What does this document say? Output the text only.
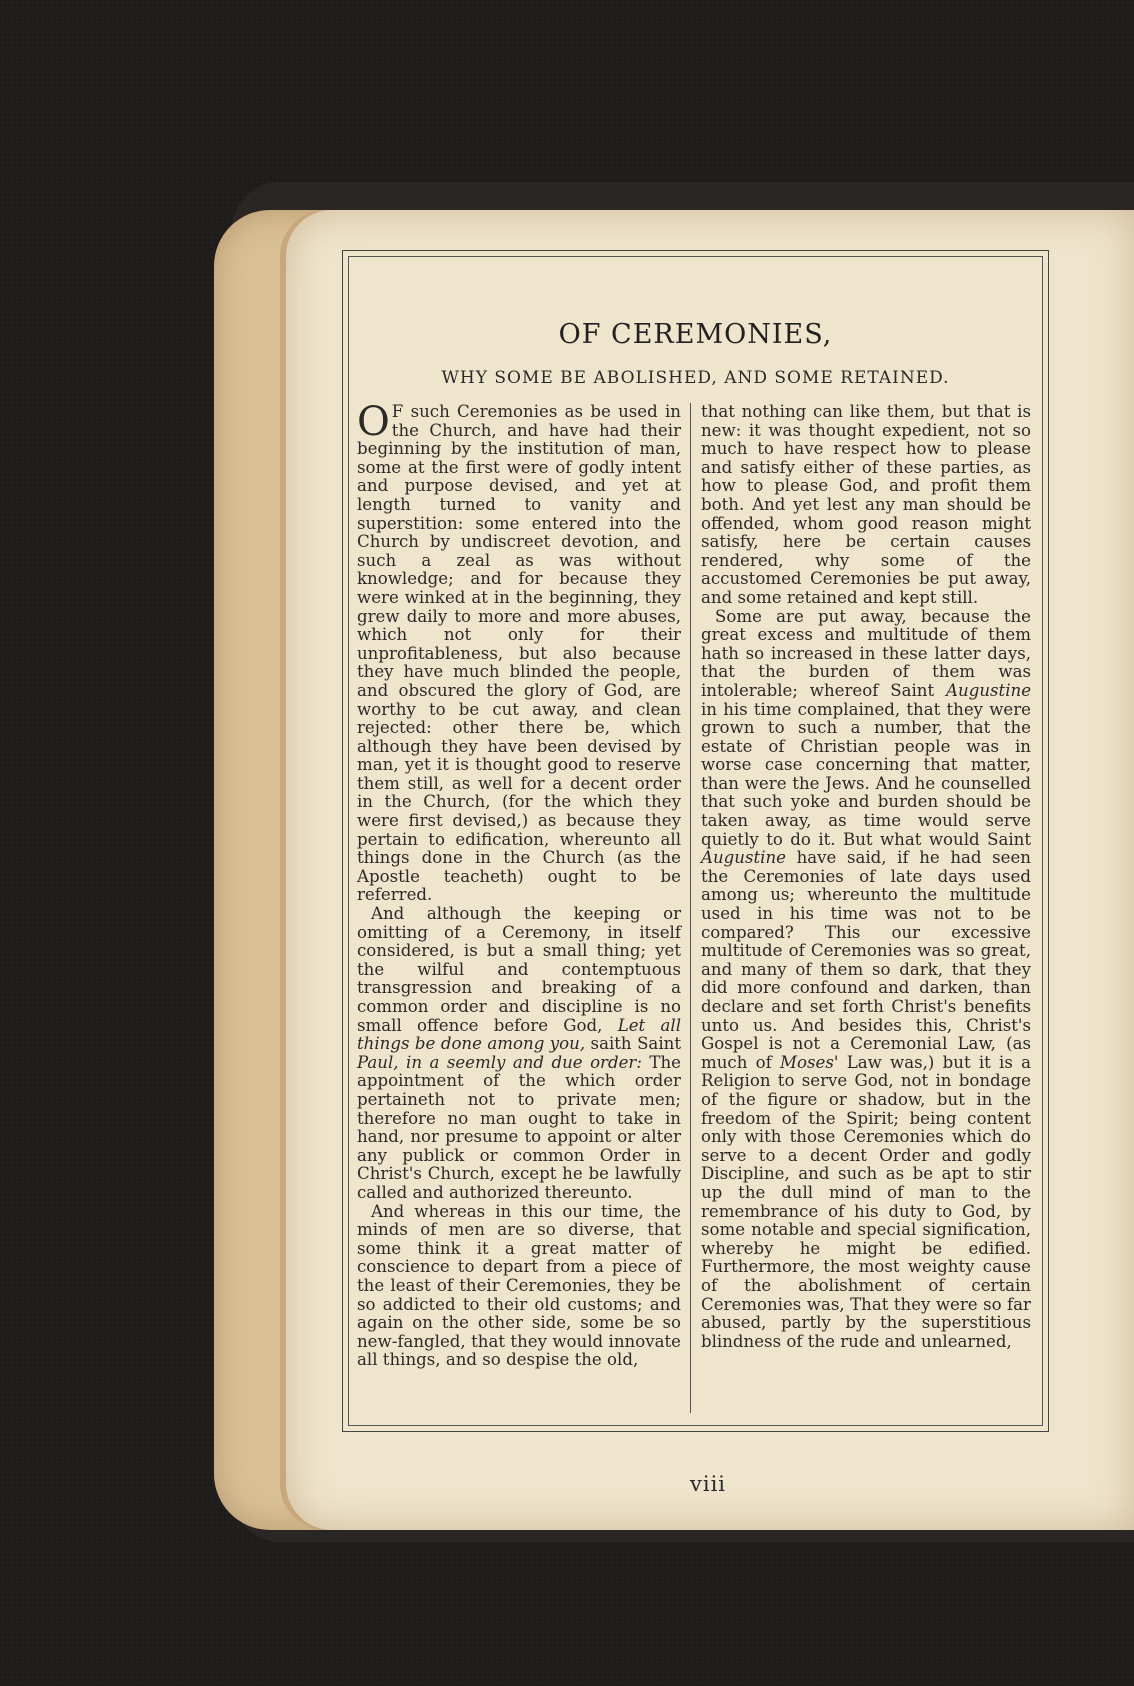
OF CEREMONIES,
WHY SOME BE ABOLISHED, AND SOME RETAINED.

O F such Ceremonies as be used in the Church, and have had their beginning by the institution of man, some at the first were of godly intent and purpose devised, and yet at length turned to vanity and superstition: some entered into the Church by undiscreet devotion, and such a zeal as was without knowledge; and for because they were winked at in the beginning, they grew daily to more and more abuses, which not only for their unprofitableness, but also because they have much blinded the people, and obscured the glory of God, are worthy to be cut away, and clean rejected: other there be, which although they have been devised by man, yet it is thought good to reserve them still, as well for a decent order in the Church, (for the which they were first devised,) as because they pertain to edification, whereunto all things done in the Church (as the Apostle teacheth) ought to be referred.

And although the keeping or omitting of a Ceremony, in itself considered, is but a small thing; yet the wilful and contemptuous transgression and breaking of a common order and discipline is no small offence before God, Let all things be done among you, saith Saint Paul, in a seemly and due order: The appointment of the which order pertaineth not to private men; therefore no man ought to take in hand, nor presume to appoint or alter any publick or common Order in Christ's Church, except he be lawfully called and authorized thereunto.

And whereas in this our time, the minds of men are so diverse, that some think it a great matter of conscience to depart from a piece of the least of their Ceremonies, they be so addicted to their old customs; and again on the other side, some be so new-fangled, that they would innovate all things, and so despise the old,

that nothing can like them, but that is new: it was thought expedient, not so much to have respect how to please and satisfy either of these parties, as how to please God, and profit them both. And yet lest any man should be offended, whom good reason might satisfy, here be certain causes rendered, why some of the accustomed Ceremonies be put away, and some retained and kept still.

Some are put away, because the great excess and multitude of them hath so increased in these latter days, that the burden of them was intolerable; whereof Saint Augustine in his time complained, that they were grown to such a number, that the estate of Christian people was in worse case concerning that matter, than were the Jews. And he counselled that such yoke and burden should be taken away, as time would serve quietly to do it. But what would Saint Augustine have said, if he had seen the Ceremonies of late days used among us; whereunto the multitude used in his time was not to be compared? This our excessive multitude of Ceremonies was so great, and many of them so dark, that they did more confound and darken, than declare and set forth Christ's benefits unto us. And besides this, Christ's Gospel is not a Ceremonial Law, (as much of Moses' Law was,) but it is a Religion to serve God, not in bondage of the figure or shadow, but in the freedom of the Spirit; being content only with those Ceremonies which do serve to a decent Order and godly Discipline, and such as be apt to stir up the dull mind of man to the remembrance of his duty to God, by some notable and special signification, whereby he might be edified. Furthermore, the most weighty cause of the abolishment of certain Ceremonies was, That they were so far abused, partly by the superstitious blindness of the rude and unlearned,

viii
